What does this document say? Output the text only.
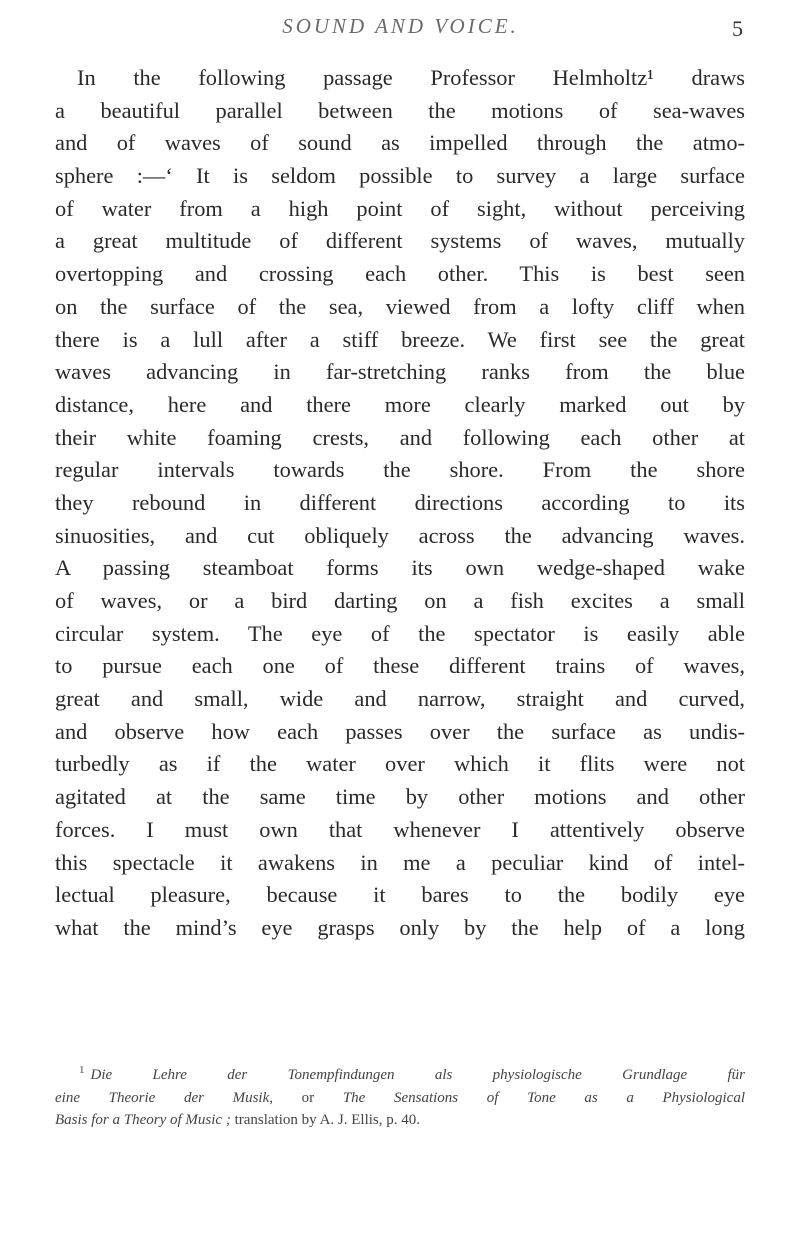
SOUND AND VOICE.	5
In the following passage Professor Helmholtz¹ draws
a beautiful parallel between the motions of sea-waves
and of waves of sound as impelled through the atmo-
sphere :—‘ It is seldom possible to survey a large surface
of water from a high point of sight, without perceiving
a great multitude of different systems of waves, mutually
overtopping and crossing each other. This is best seen
on the surface of the sea, viewed from a lofty cliff when
there is a lull after a stiff breeze. We first see the great
waves advancing in far-stretching ranks from the blue
distance, here and there more clearly marked out by
their white foaming crests, and following each other at
regular intervals towards the shore. From the shore
they rebound in different directions according to its
sinuosities, and cut obliquely across the advancing waves.
A passing steamboat forms its own wedge-shaped wake
of waves, or a bird darting on a fish excites a small
circular system. The eye of the spectator is easily able
to pursue each one of these different trains of waves,
great and small, wide and narrow, straight and curved,
and observe how each passes over the surface as undis-
turbedly as if the water over which it flits were not
agitated at the same time by other motions and other
forces. I must own that whenever I attentively observe
this spectacle it awakens in me a peculiar kind of intel-
lectual pleasure, because it bares to the bodily eye
what the mind’s eye grasps only by the help of a long
$^1$ Die Lehre der Tonempfindungen als physiologische Grundlage für
eine Theorie der Musik, or The Sensations of Tone as a Physiological
Basis for a Theory of Music ; translation by A. J. Ellis, p. 40.
